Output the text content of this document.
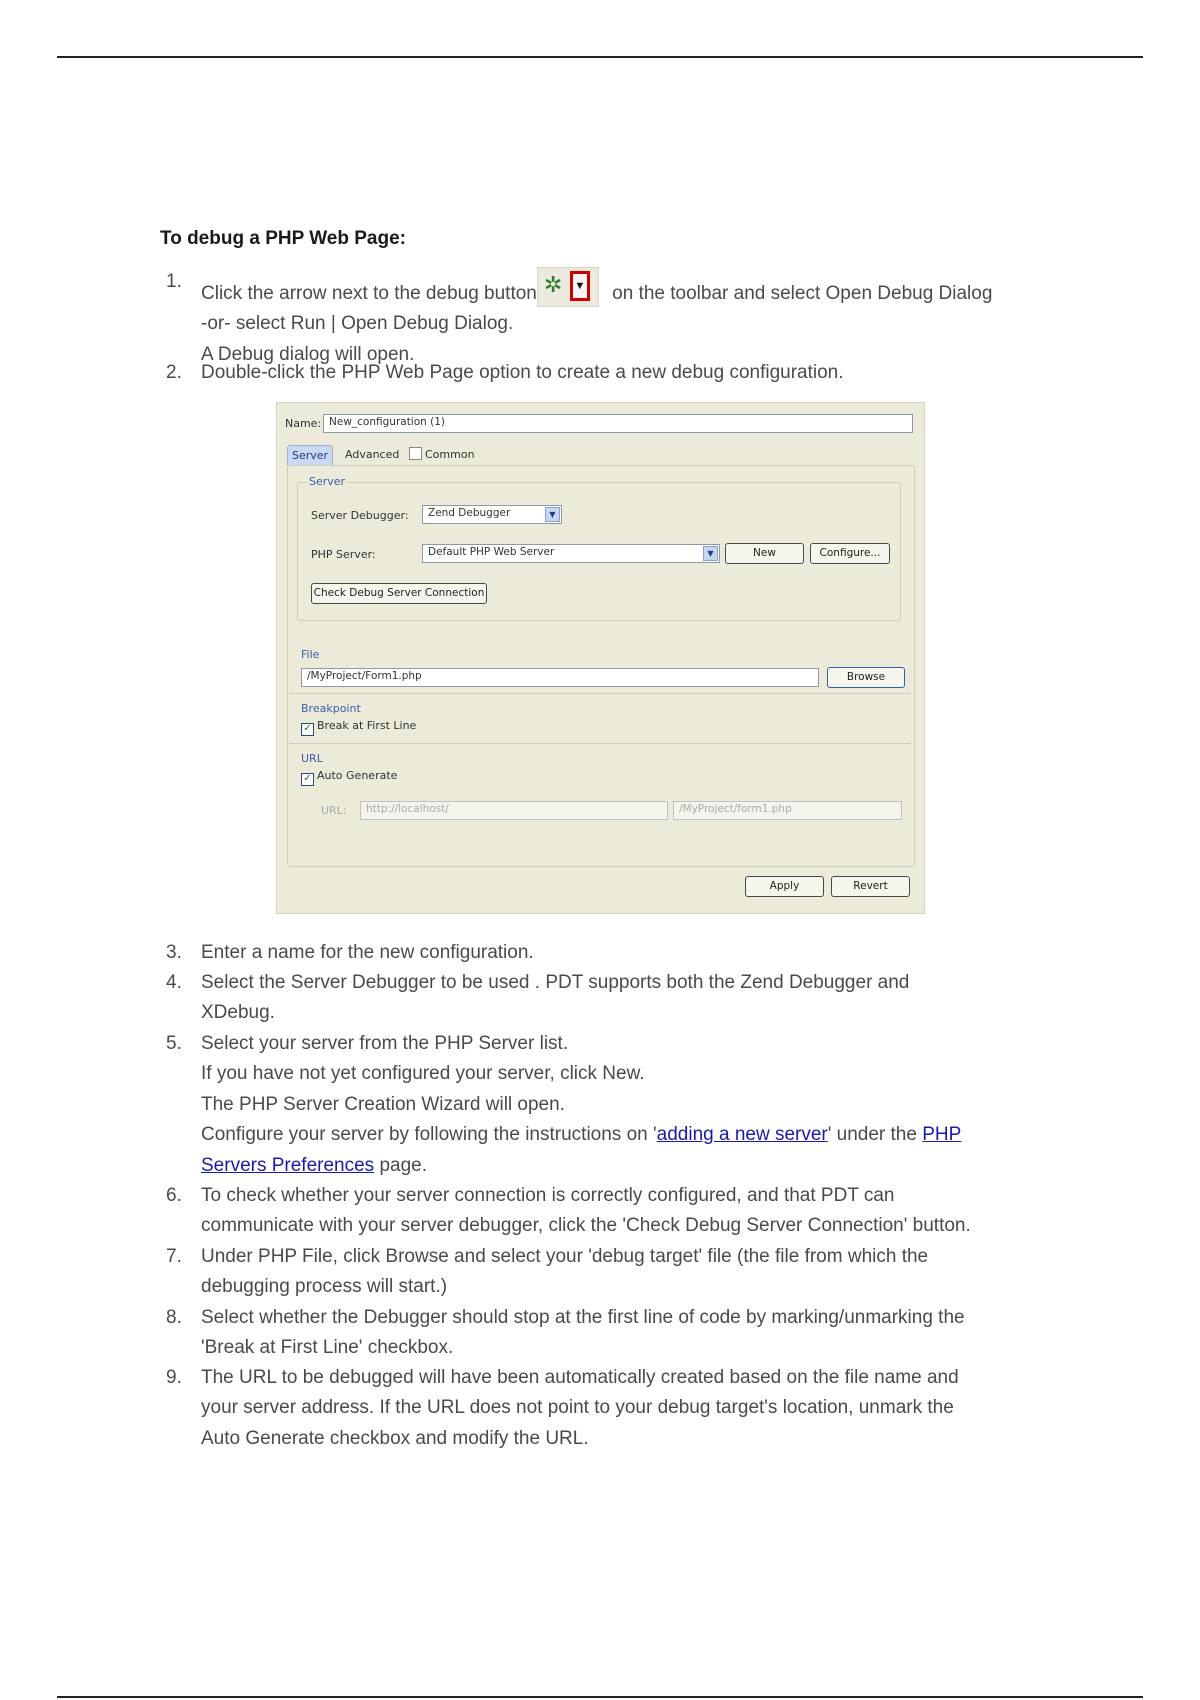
To debug a PHP Web Page:
1.
Click the arrow next to the debug button ✲	▼ on the toolbar and select Open Debug Dialog
-or- select Run | Open Debug Dialog.
A Debug dialog will open.
2. Double-click the PHP Web Page option to create a new debug configuration.
Name: New_configuration (1)
Server	Advanced	Common
Server
Server Debugger:	Zend Debugger	▼
PHP Server:	Default PHP Web Server	▼	New	Configure...
Check Debug Server Connection
File
/MyProject/Form1.php	Browse
Breakpoint
✓ Break at First Line
URL
✓ Auto Generate
URL:	http://localhost/	/MyProject/form1.php
Apply	Revert
3. Enter a name for the new configuration.
4. Select the Server Debugger to be used . PDT supports both the Zend Debugger and
XDebug.
5. Select your server from the PHP Server list.
If you have not yet configured your server, click New.
The PHP Server Creation Wizard will open.
Configure your server by following the instructions on 'adding a new server' under the PHP
Servers Preferences page.
6. To check whether your server connection is correctly configured, and that PDT can
communicate with your server debugger, click the 'Check Debug Server Connection' button.
7. Under PHP File, click Browse and select your 'debug target' file (the file from which the
debugging process will start.)
8. Select whether the Debugger should stop at the first line of code by marking/unmarking the
'Break at First Line' checkbox.
9. The URL to be debugged will have been automatically created based on the file name and
your server address. If the URL does not point to your debug target's location, unmark the
Auto Generate checkbox and modify the URL.
